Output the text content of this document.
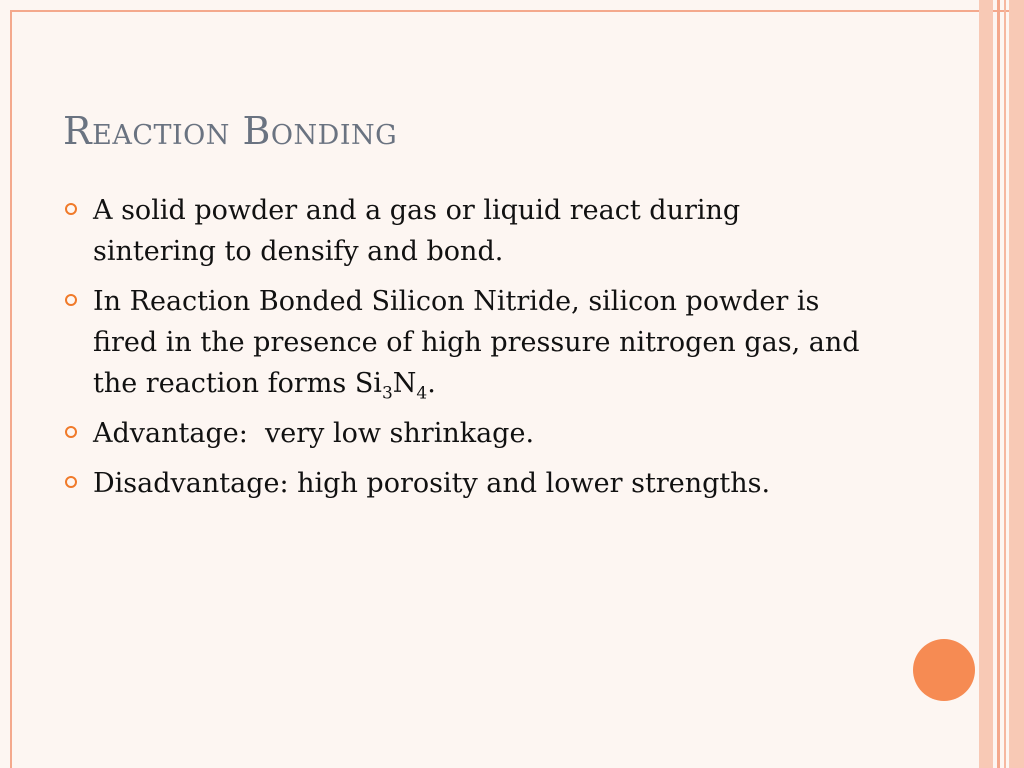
Reaction Bonding
A solid powder and a gas or liquid react during sintering to densify and bond.
In Reaction Bonded Silicon Nitride, silicon powder is fired in the presence of high pressure nitrogen gas, and the reaction forms $Si_3N_4$.
Advantage:  very low shrinkage.
Disadvantage: high porosity and lower strengths.
